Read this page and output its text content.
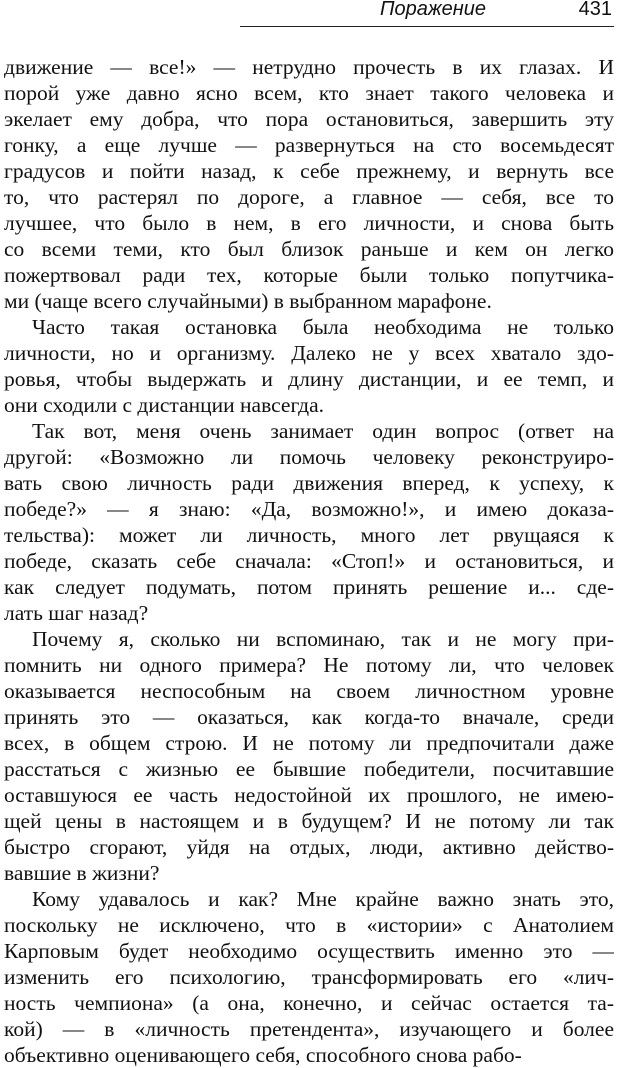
Поражение	431
движение — все!» — нетрудно прочесть в их глазах. И
порой уже давно ясно всем, кто знает такого человека и
экелает ему добра, что пора остановиться, завершить эту
гонку, а еще лучше — развернуться на сто восемьдесят
градусов и пойти назад, к себе прежнему, и вернуть все
то, что растерял по дороге, а главное — себя, все то
лучшее, что было в нем, в его личности, и снова быть
со всеми теми, кто был близок раньше и кем он легко
пожертвовал ради тех, которые были только попутчика-
ми (чаще всего случайными) в выбранном марафоне.
Часто такая остановка была необходима не только
личности, но и организму. Далеко не у всех хватало здо-
ровья, чтобы выдержать и длину дистанции, и ее темп, и
они сходили с дистанции навсегда.
Так вот, меня очень занимает один вопрос (ответ на
другой: «Возможно ли помочь человеку реконструиро-
вать свою личность ради движения вперед, к успеху, к
победе?» — я знаю: «Да, возможно!», и имею доказа-
тельства): может ли личность, много лет рвущаяся к
победе, сказать себе сначала: «Стоп!» и остановиться, и
как следует подумать, потом принять решение и... сде-
лать шаг назад?
Почему я, сколько ни вспоминаю, так и не могу при-
помнить ни одного примера? Не потому ли, что человек
оказывается неспособным на своем личностном уровне
принять это — оказаться, как когда-то вначале, среди
всех, в общем строю. И не потому ли предпочитали даже
расстаться с жизнью ее бывшие победители, посчитавшие
оставшуюся ее часть недостойной их прошлого, не имею-
щей цены в настоящем и в будущем? И не потому ли так
быстро сгорают, уйдя на отдых, люди, активно действо-
вавшие в жизни?
Кому удавалось и как? Мне крайне важно знать это,
поскольку не исключено, что в «истории» с Анатолием
Карповым будет необходимо осуществить именно это —
изменить его психологию, трансформировать его «лич-
ность чемпиона» (а она, конечно, и сейчас остается та-
кой) — в «личность претендента», изучающего и более
объективно оценивающего себя, способного снова рабо-
